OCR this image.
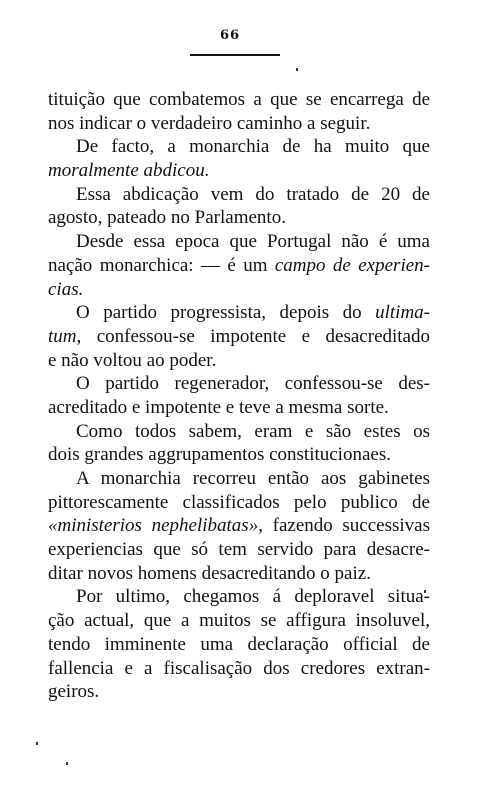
66
tituição que combatemos a que se encarrega de
nos indicar o verdadeiro caminho a seguir.
De facto, a monarchia de ha muito que
moralmente abdicou.
Essa abdicação vem do tratado de 20 de
agosto, pateado no Parlamento.
Desde essa epoca que Portugal não é uma
nação monarchica: — é um campo de experien-
cias.
O partido progressista, depois do ultima-
tum, confessou-se impotente e desacreditado
e não voltou ao poder.
O partido regenerador, confessou-se des-
acreditado e impotente e teve a mesma sorte.
Como todos sabem, eram e são estes os
dois grandes aggrupamentos constitucionaes.
A monarchia recorreu então aos gabinetes
pittorescamente classificados pelo publico de
«ministerios nephelibatas», fazendo successivas
experiencias que só tem servido para desacre-
ditar novos homens desacreditando o paiz.
Por ultimo, chegamos á deploravel situa-
ção actual, que a muitos se affigura insoluvel,
tendo imminente uma declaração official de
fallencia e a fiscalisação dos credores extran-
geiros.
